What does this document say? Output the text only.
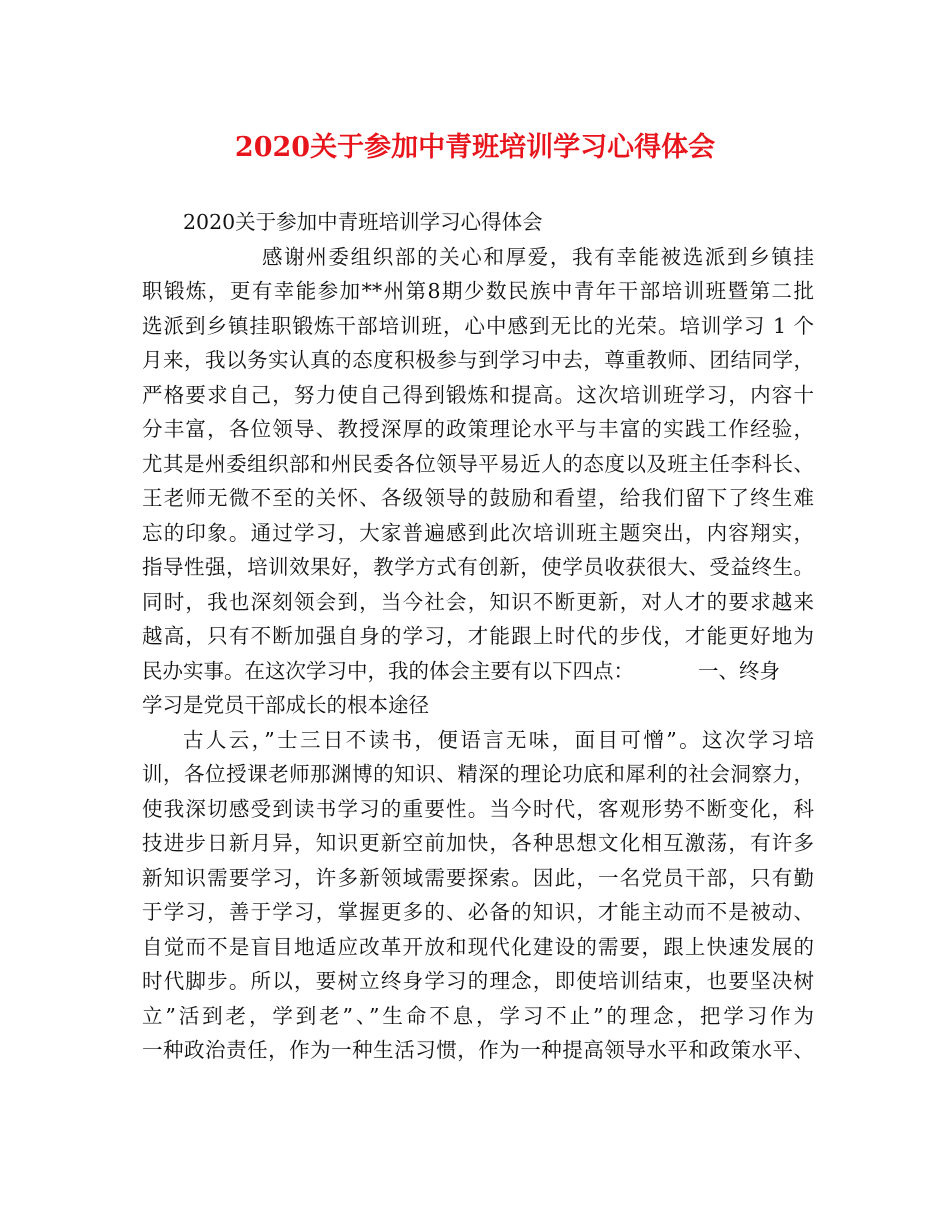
2020关于参加中青班培训学习心得体会
2020关于参加中青班培训学习心得体会
感谢州委组织部的关心和厚爱，我有幸能被选派到乡镇挂
职锻炼，更有幸能参加**州第8期少数民族中青年干部培训班暨第二批
选派到乡镇挂职锻炼干部培训班，心中感到无比的光荣。培训学习 1 个
月来，我以务实认真的态度积极参与到学习中去，尊重教师、团结同学，
严格要求自己，努力使自己得到锻炼和提高。这次培训班学习，内容十
分丰富，各位领导、教授深厚的政策理论水平与丰富的实践工作经验，
尤其是州委组织部和州民委各位领导平易近人的态度以及班主任李科长、
王老师无微不至的关怀、各级领导的鼓励和看望，给我们留下了终生难
忘的印象。通过学习，大家普遍感到此次培训班主题突出，内容翔实，
指导性强，培训效果好，教学方式有创新，使学员收获很大、受益终生。
同时，我也深刻领会到，当今社会，知识不断更新，对人才的要求越来
越高，只有不断加强自身的学习，才能跟上时代的步伐，才能更好地为
民办实事。在这次学习中，我的体会主要有以下四点：	一、终身
学习是党员干部成长的根本途径
古人云，”士三日不读书，便语言无味，面目可憎”。这次学习培
训，各位授课老师那渊博的知识、精深的理论功底和犀利的社会洞察力，
使我深切感受到读书学习的重要性。当今时代，客观形势不断变化，科
技进步日新月异，知识更新空前加快，各种思想文化相互激荡，有许多
新知识需要学习，许多新领域需要探索。因此，一名党员干部，只有勤
于学习，善于学习，掌握更多的、必备的知识，才能主动而不是被动、
自觉而不是盲目地适应改革开放和现代化建设的需要，跟上快速发展的
时代脚步。所以，要树立终身学习的理念，即使培训结束，也要坚决树
立”活到老，学到老”、”生命不息，学习不止”的理念，把学习作为
一种政治责任，作为一种生活习惯，作为一种提高领导水平和政策水平、
